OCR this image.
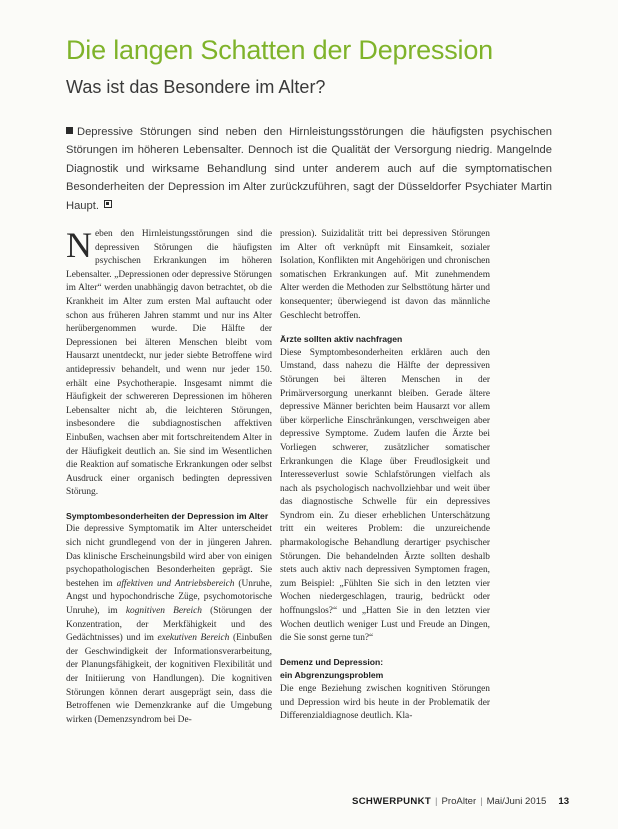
Die langen Schatten der Depression
Was ist das Besondere im Alter?

Depressive Störungen sind neben den Hirnleistungsstörungen die häufigsten psychischen Störungen im höheren Lebensalter. Dennoch ist die Qualität der Versorgung niedrig. Mangelnde Diagnostik und wirksame Behandlung sind unter anderem auch auf die symptomatischen Besonderheiten der Depression im Alter zurückzuführen, sagt der Düsseldorfer Psychiater Martin Haupt.

Neben den Hirnleistungsstörungen sind die depressiven Störungen die häufigsten psychischen Erkrankungen im höheren Lebensalter. „Depressionen oder depressive Störungen im Alter“ werden unabhängig davon betrachtet, ob die Krankheit im Alter zum ersten Mal auftaucht oder schon aus früheren Jahren stammt und nur ins Alter herübergenommen wurde. Die Hälfte der Depressionen bei älteren Menschen bleibt vom Hausarzt unentdeckt, nur jeder siebte Betroffene wird antidepressiv behandelt, und wenn nur jeder 150. erhält eine Psychotherapie. Insgesamt nimmt die Häufigkeit der schwereren Depressionen im höheren Lebensalter nicht ab, die leichteren Störungen, insbesondere die subdiagnostischen affektiven Einbußen, wachsen aber mit fortschreitendem Alter in der Häufigkeit deutlich an. Sie sind im Wesentlichen die Reaktion auf somatische Erkrankungen oder selbst Ausdruck einer organisch bedingten depressiven Störung.

Symptombesonderheiten der Depression im Alter

Die depressive Symptomatik im Alter unterscheidet sich nicht grundlegend von der in jüngeren Jahren. Das klinische Erscheinungsbild wird aber von einigen psychopathologischen Besonderheiten geprägt. Sie bestehen im affektiven und Antriebsbereich (Unruhe, Angst und hypochondrische Züge, psychomotorische Unruhe), im kognitiven Bereich (Störungen der Konzentration, der Merkfähigkeit und des Gedächtnisses) und im exekutiven Bereich (Einbußen der Geschwindigkeit der Informationsverarbeitung, der Planungsfähigkeit, der kognitiven Flexibilität und der Initiierung von Handlungen). Die kognitiven Störungen können derart ausgeprägt sein, dass die Betroffenen wie Demenzkranke auf die Umgebung wirken (Demenzsyndrom bei De-

pression). Suizidalität tritt bei depressiven Störungen im Alter oft verknüpft mit Einsamkeit, sozialer Isolation, Konflikten mit Angehörigen und chronischen somatischen Erkrankungen auf. Mit zunehmendem Alter werden die Methoden zur Selbsttötung härter und konsequenter; überwiegend ist davon das männliche Geschlecht betroffen.

Ärzte sollten aktiv nachfragen

Diese Symptombesonderheiten erklären auch den Umstand, dass nahezu die Hälfte der depressiven Störungen bei älteren Menschen in der Primärversorgung unerkannt bleiben. Gerade ältere depressive Männer berichten beim Hausarzt vor allem über körperliche Einschränkungen, verschweigen aber depressive Symptome. Zudem laufen die Ärzte bei Vorliegen schwerer, zusätzlicher somatischer Erkrankungen die Klage über Freudlosigkeit und Interesseverlust sowie Schlafstörungen vielfach als nach als psychologisch nachvollziehbar und weit über das diagnostische Schwelle für ein depressives Syndrom ein. Zu dieser erheblichen Unterschätzung tritt ein weiteres Problem: die unzureichende pharmakologische Behandlung derartiger psychischer Störungen. Die behandelnden Ärzte sollten deshalb stets auch aktiv nach depressiven Symptomen fragen, zum Beispiel: „Fühlten Sie sich in den letzten vier Wochen niedergeschlagen, traurig, bedrückt oder hoffnungslos?“ und „Hatten Sie in den letzten vier Wochen deutlich weniger Lust und Freude an Dingen, die Sie sonst gerne tun?“

Demenz und Depression:
ein Abgrenzungsproblem

Die enge Beziehung zwischen kognitiven Störungen und Depression wird bis heute in der Problematik der Differenzialdiagnose deutlich. Kla-

SCHWERPUNKT | ProAlter | Mai/Juni 2015 13
